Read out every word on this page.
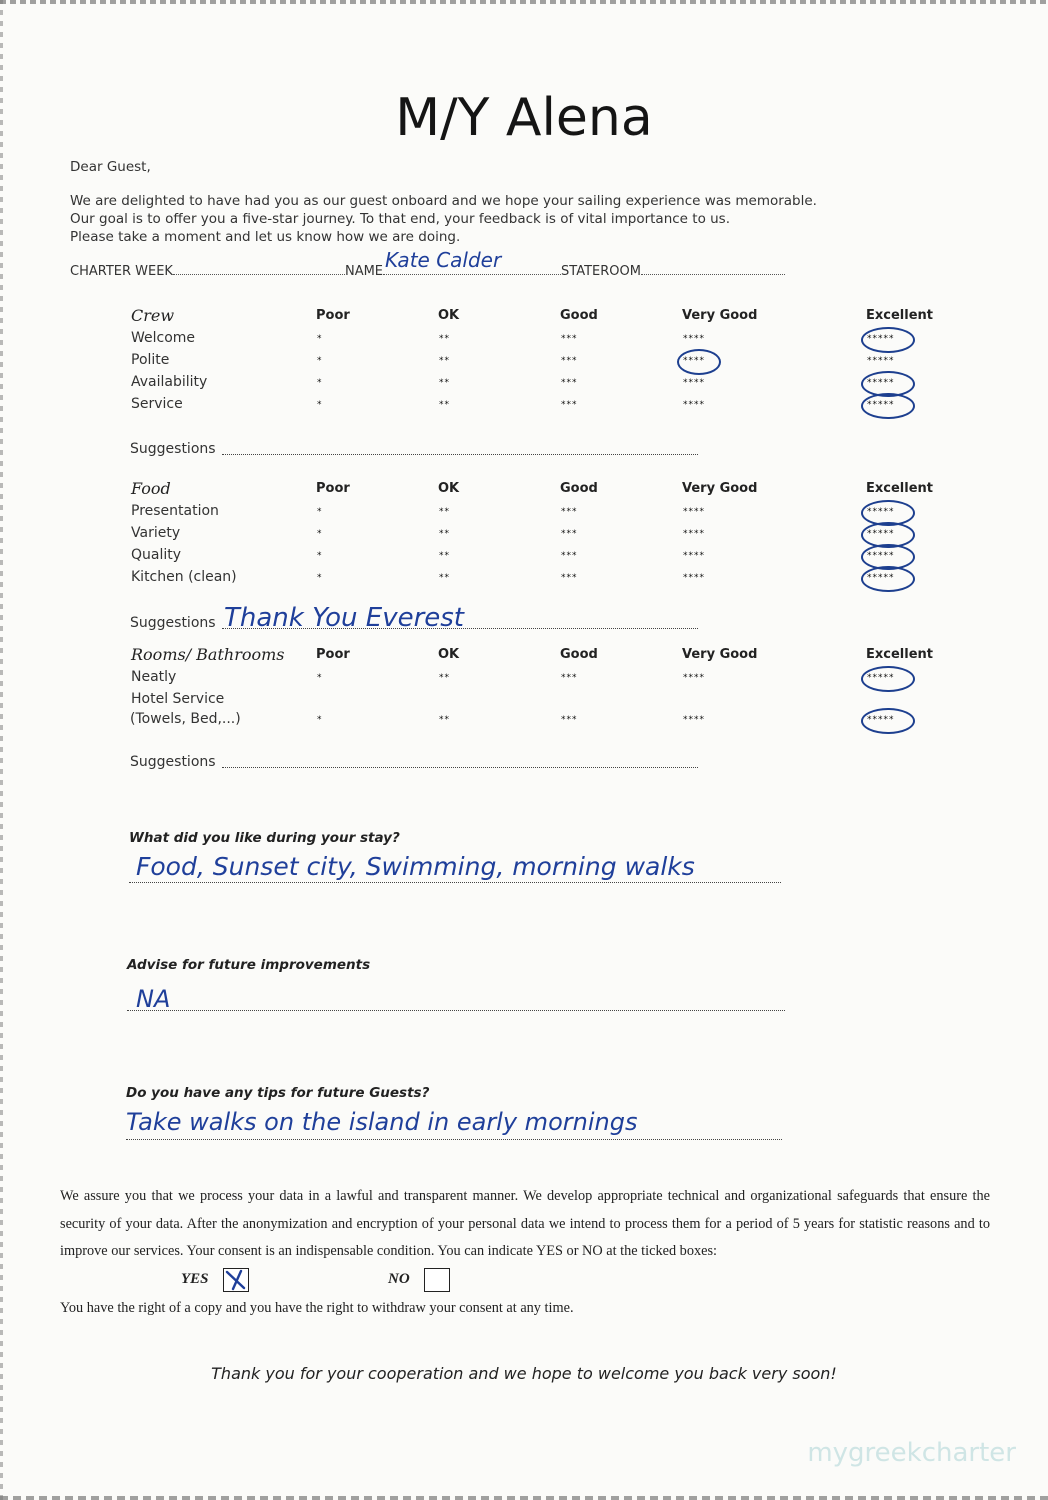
M/Y Alena
Dear Guest,
We are delighted to have had you as our guest onboard and we hope your sailing experience was memorable.
Our goal is to offer you a five-star journey. To that end, your feedback is of vital importance to us.
Please take a moment and let us know how we are doing.
CHARTER WEEK	NAME Kate Calder	STATEROOM
Crew	Poor	OK	Good	Very Good	Excellent
Welcome	*	**	***	****	*****
Polite	*	**	***	****	*****
Availability	*	**	***	****	*****
Service	*	**	***	****	*****
Suggestions
Food	Poor	OK	Good	Very Good	Excellent
Presentation	*	**	***	****	*****
Variety	*	**	***	****	*****
Quality	*	**	***	****	*****
Kitchen (clean)	*	**	***	****	*****
Suggestions Thank You Everest
Rooms/ Bathrooms Poor	OK	Good	Very Good	Excellent
Neatly	*	**	***	****	*****
Hotel Service
(Towels, Bed,...)	*	**	***	****	*****
Suggestions
What did you like during your stay?
Food, Sunset city, Swimming, morning walks
Advise for future improvements
NA
Do you have any tips for future Guests?
Take walks on the island in early mornings
We assure you that we process your data in a lawful and transparent manner. We develop appropriate technical and organizational safeguards that ensure the security of your data. After the anonymization and encryption of your personal data we intend to process them for a period of 5 years for statistic reasons and to improve our services. Your consent is an indispensable condition. You can indicate YES or NO at the ticked boxes:
YES	NO
You have the right of a copy and you have the right to withdraw your consent at any time.
Thank you for your cooperation and we hope to welcome you back very soon!
mygreekcharter
